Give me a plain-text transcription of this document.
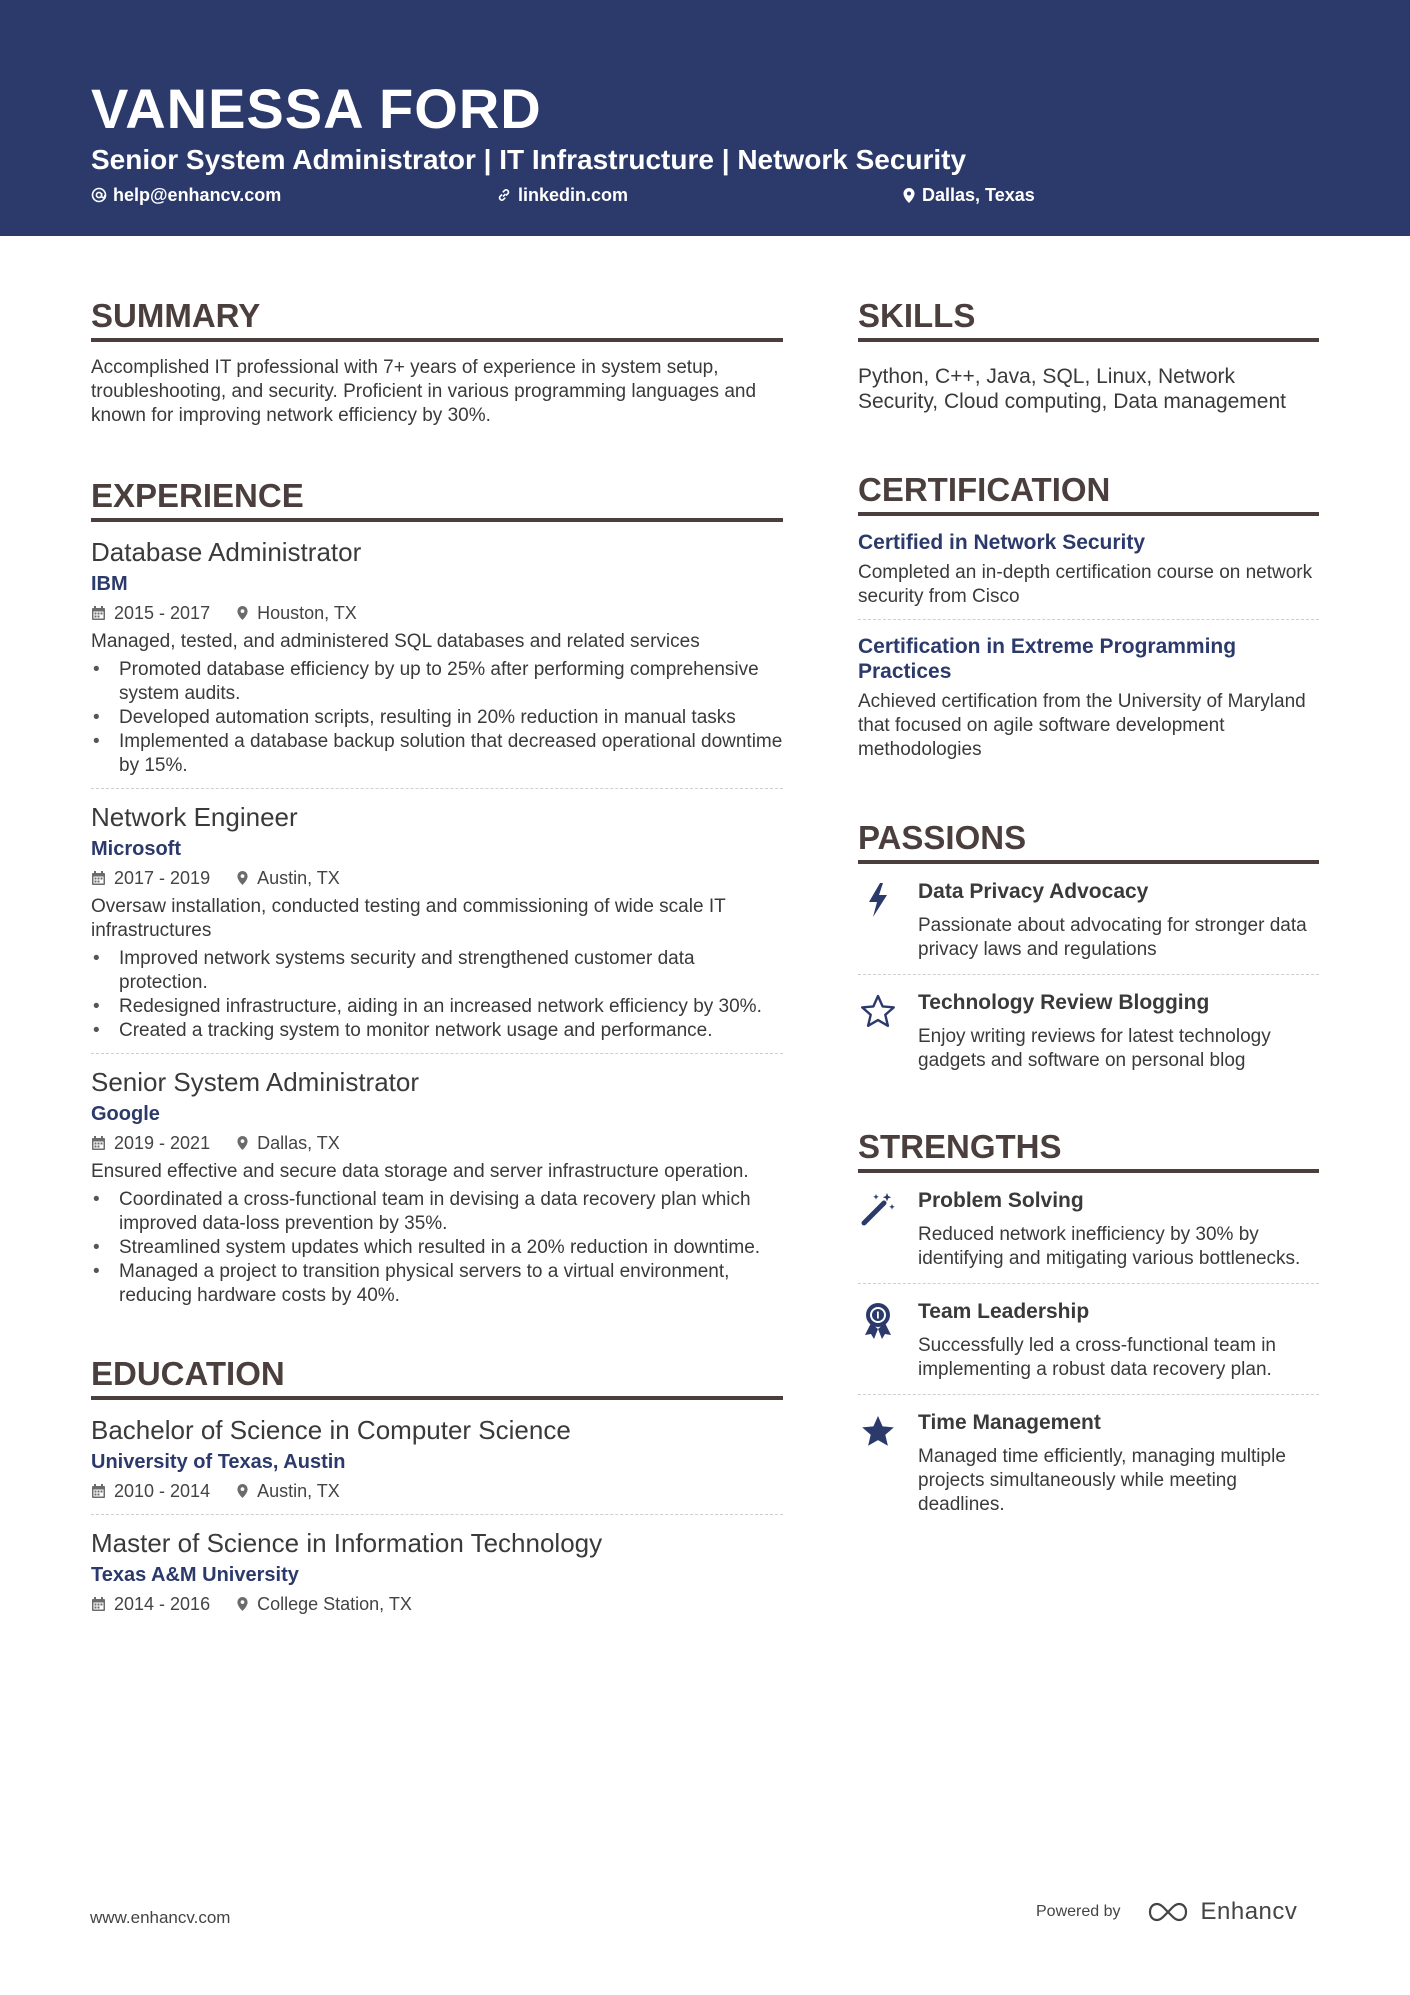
VANESSA FORD
Senior System Administrator | IT Infrastructure | Network Security
help@enhancv.com	linkedin.com	Dallas, Texas
SUMMARY
Accomplished IT professional with 7+ years of experience in system setup, troubleshooting, and security. Proficient in various programming languages and known for improving network efficiency by 30%.
EXPERIENCE
Database Administrator
IBM
2015 - 2017	Houston, TX
Managed, tested, and administered SQL databases and related services
• Promoted database efficiency by up to 25% after performing comprehensive system audits.
• Developed automation scripts, resulting in 20% reduction in manual tasks
• Implemented a database backup solution that decreased operational downtime by 15%.
Network Engineer
Microsoft
2017 - 2019	Austin, TX
Oversaw installation, conducted testing and commissioning of wide scale IT infrastructures
• Improved network systems security and strengthened customer data protection.
• Redesigned infrastructure, aiding in an increased network efficiency by 30%.
• Created a tracking system to monitor network usage and performance.
Senior System Administrator
Google
2019 - 2021	Dallas, TX
Ensured effective and secure data storage and server infrastructure operation.
• Coordinated a cross-functional team in devising a data recovery plan which improved data-loss prevention by 35%.
• Streamlined system updates which resulted in a 20% reduction in downtime.
• Managed a project to transition physical servers to a virtual environment, reducing hardware costs by 40%.
EDUCATION
Bachelor of Science in Computer Science
University of Texas, Austin
2010 - 2014	Austin, TX
Master of Science in Information Technology
Texas A&M University
2014 - 2016	College Station, TX
SKILLS
Python, C++, Java, SQL, Linux, Network Security, Cloud computing, Data management
CERTIFICATION
Certified in Network Security
Completed an in-depth certification course on network security from Cisco
Certification in Extreme Programming Practices
Achieved certification from the University of Maryland that focused on agile software development methodologies
PASSIONS
Data Privacy Advocacy
Passionate about advocating for stronger data privacy laws and regulations
Technology Review Blogging
Enjoy writing reviews for latest technology gadgets and software on personal blog
STRENGTHS
Problem Solving
Reduced network inefficiency by 30% by identifying and mitigating various bottlenecks.
Team Leadership
Successfully led a cross-functional team in implementing a robust data recovery plan.
Time Management
Managed time efficiently, managing multiple projects simultaneously while meeting deadlines.
www.enhancv.com	Powered by	Enhancv
